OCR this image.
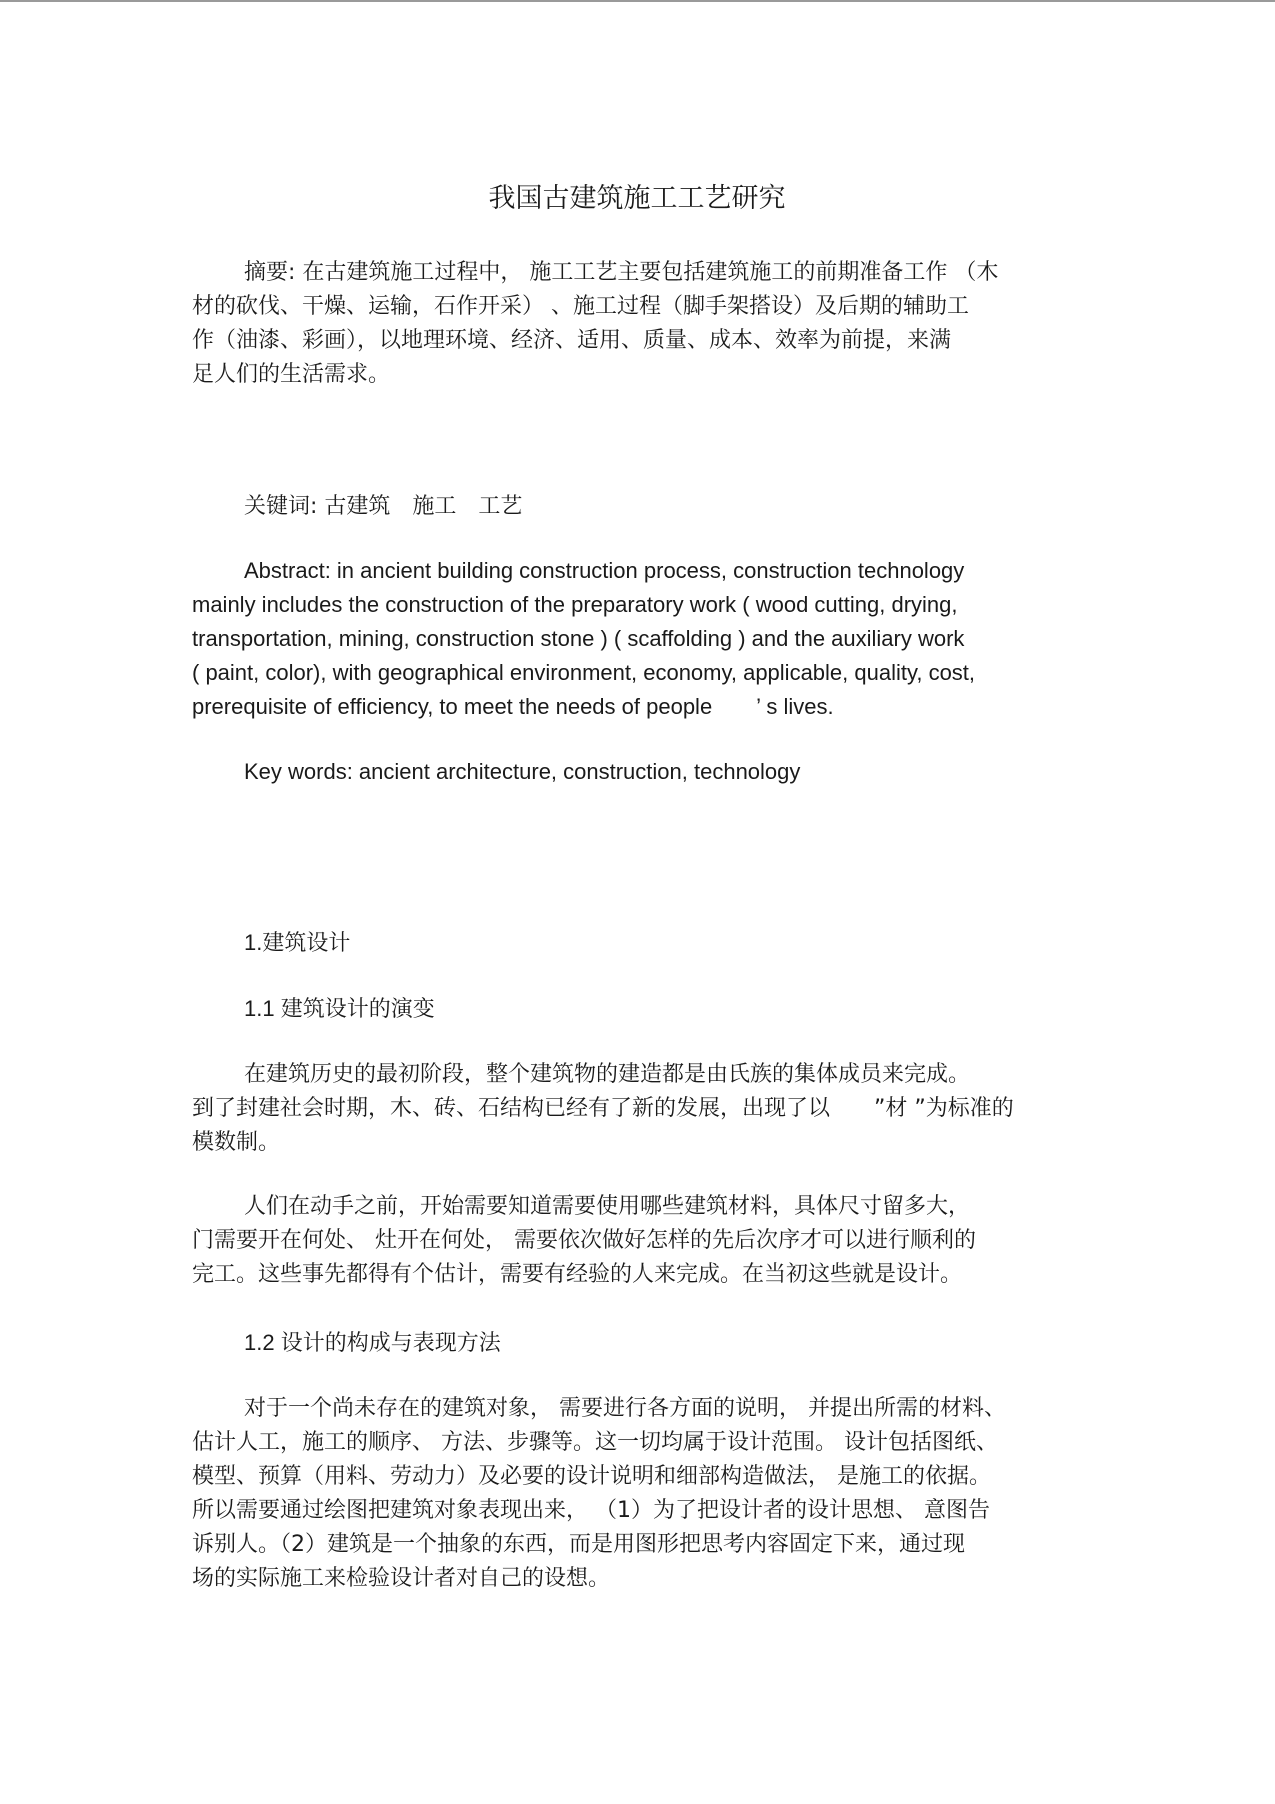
我国古建筑施工工艺研究

摘要: 在古建筑施工过程中， 施工工艺主要包括建筑施工的前期准备工作 （木

材的砍伐、干燥、运输，石作开采） 、施工过程（脚手架搭设）及后期的辅助工

作（油漆、彩画），以地理环境、经济、适用、质量、成本、效率为前提，来满

足人们的生活需求。

关键词: 古建筑　施工　工艺

Abstract: in ancient building construction process, construction technology

mainly includes the construction of the preparatory work ( wood cutting, drying,

transportation, mining, construction stone ) ( scaffolding ) and the auxiliary work

( paint, color), with geographical environment, economy, applicable, quality, cost,

prerequisite of efficiency, to meet the needs of people　　’ s lives.

Key words: ancient architecture, construction, technology

1.建筑设计
1.1 建筑设计的演变

在建筑历史的最初阶段，整个建筑物的建造都是由氏族的集体成员来完成。

到了封建社会时期，木、砖、石结构已经有了新的发展，出现了以　　”材 ”为标准的

模数制。

人们在动手之前，开始需要知道需要使用哪些建筑材料，具体尺寸留多大，

门需要开在何处、 灶开在何处， 需要依次做好怎样的先后次序才可以进行顺利的

完工。这些事先都得有个估计，需要有经验的人来完成。在当初这些就是设计。

1.2 设计的构成与表现方法

对于一个尚未存在的建筑对象， 需要进行各方面的说明， 并提出所需的材料、

估计人工，施工的顺序、 方法、步骤等。这一切均属于设计范围。 设计包括图纸、

模型、预算（用料、劳动力）及必要的设计说明和细部构造做法， 是施工的依据。

所以需要通过绘图把建筑对象表现出来， （1）为了把设计者的设计思想、 意图告

诉别人。（2）建筑是一个抽象的东西，而是用图形把思考内容固定下来，通过现

场的实际施工来检验设计者对自己的设想。
